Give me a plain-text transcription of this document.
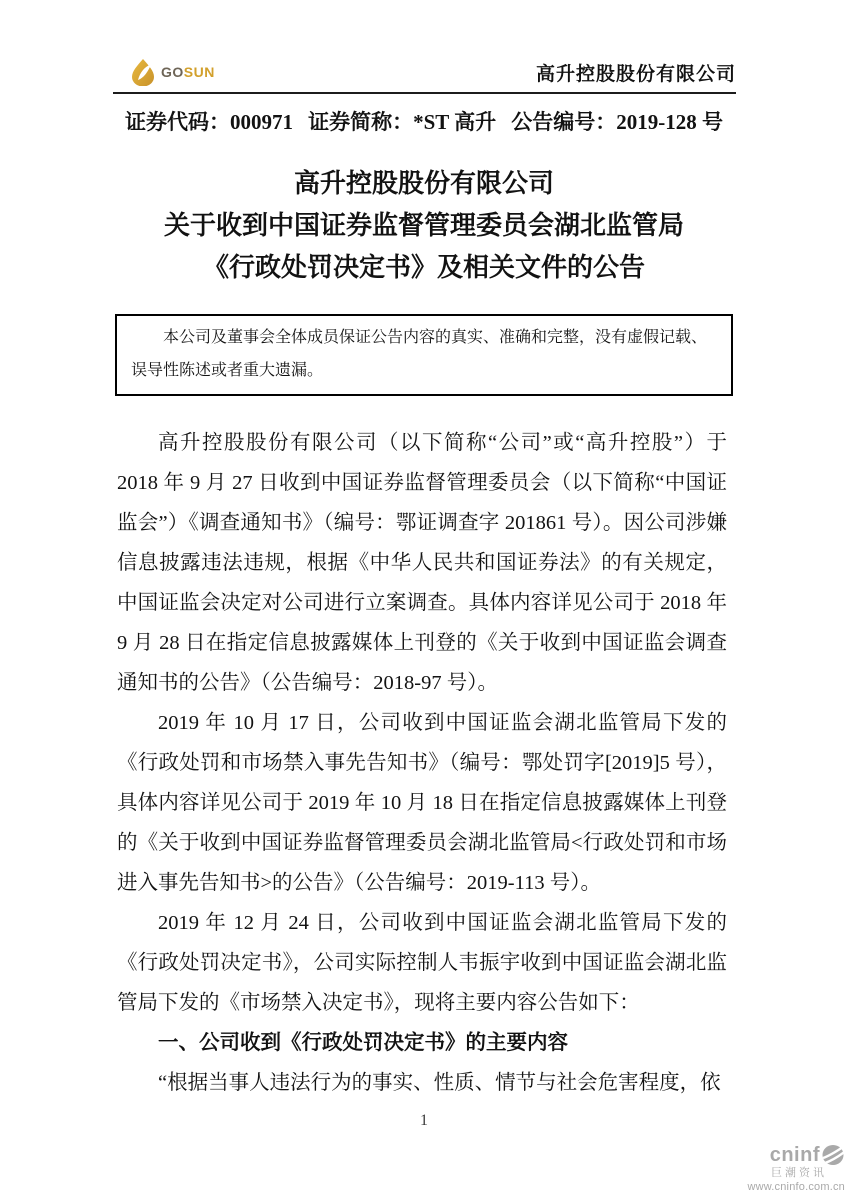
GOSUN	高升控股股份有限公司
证券代码：000971 证券简称：*ST 高升 公告编号：2019-128 号
高升控股股份有限公司
关于收到中国证券监督管理委员会湖北监管局
《行政处罚决定书》及相关文件的公告
本公司及董事会全体成员保证公告内容的真实、准确和完整，没有虚假记载、
误导性陈述或者重大遗漏。

高升控股股份有限公司（以下简称“公司”或“高升控股”）于 2018 年 9 月 27 日收到中国证券监督管理委员会（以下简称“中国证监会”）《调查通知书》（编号：鄂证调查字 201861 号）。因公司涉嫌信息披露违法违规，根据《中华人民共和国证券法》的有关规定，中国证监会决定对公司进行立案调查。具体内容详见公司于 2018 年 9 月 28 日在指定信息披露媒体上刊登的《关于收到中国证监会调查通知书的公告》（公告编号：2018-97 号）。

2019 年 10 月 17 日，公司收到中国证监会湖北监管局下发的《行政处罚和市场禁入事先告知书》（编号：鄂处罚字[2019]5 号），具体内容详见公司于 2019 年 10 月 18 日在指定信息披露媒体上刊登的《关于收到中国证券监督管理委员会湖北监管局<行政处罚和市场进入事先告知书>的公告》（公告编号：2019-113 号）。

2019 年 12 月 24 日，公司收到中国证监会湖北监管局下发的《行政处罚决定书》，公司实际控制人韦振宇收到中国证监会湖北监管局下发的《市场禁入决定书》，现将主要内容公告如下：

一、公司收到《行政处罚决定书》的主要内容

“根据当事人违法行为的事实、性质、情节与社会危害程度，依

1
cninf
巨潮资讯
www.cninfo.com.cn
